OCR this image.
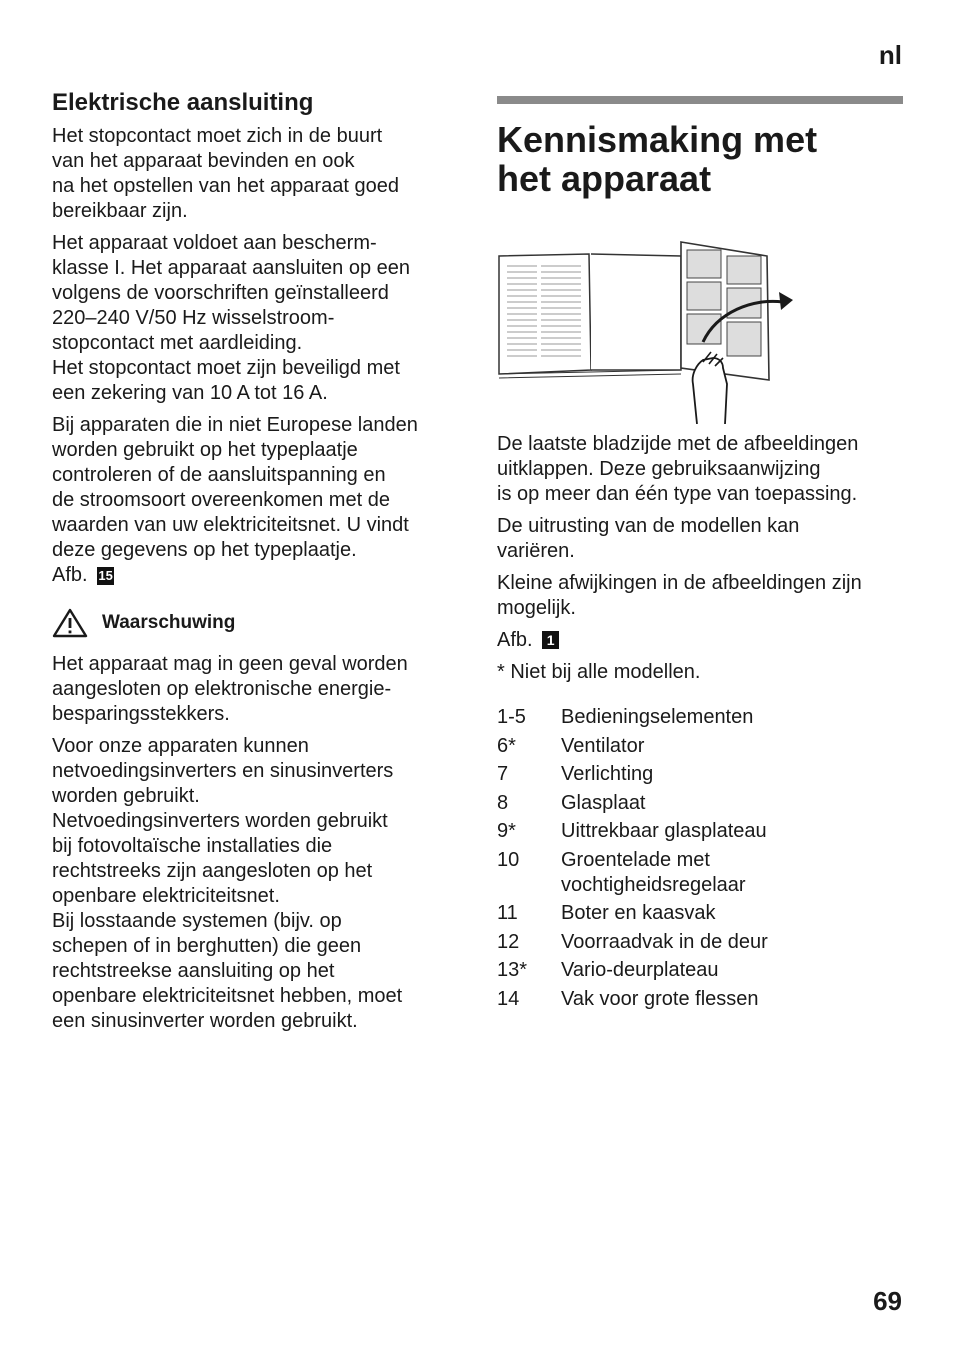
nl
Elektrische aansluiting

Het stopcontact moet zich in de buurt
van het apparaat bevinden en ook
na het opstellen van het apparaat goed
bereikbaar zijn.

Het apparaat voldoet aan bescherm-
klasse I. Het apparaat aansluiten op een
volgens de voorschriften geïnstalleerd
220–240 V/50 Hz wisselstroom-
stopcontact met aardleiding.
Het stopcontact moet zijn beveiligd met
een zekering van 10 A tot 16 A.

Bij apparaten die in niet Europese landen
worden gebruikt op het typeplaatje
controleren of de aansluitspanning en
de stroomsoort overeenkomen met de
waarden van uw elektriciteitsnet. U vindt
deze gegevens op het typeplaatje.

Afb. 15

Waarschuwing

Het apparaat mag in geen geval worden
aangesloten op elektronische energie-
besparingsstekkers.

Voor onze apparaten kunnen
netvoedingsinverters en sinusinverters
worden gebruikt.
Netvoedingsinverters worden gebruikt
bij fotovoltaïsche installaties die
rechtstreeks zijn aangesloten op het
openbare elektriciteitsnet.
Bij losstaande systemen (bijv. op
schepen of in berghutten) die geen
rechtstreekse aansluiting op het
openbare elektriciteitsnet hebben, moet
een sinusinverter worden gebruikt.

Kennismaking met
het apparaat

De laatste bladzijde met de afbeeldingen
uitklappen. Deze gebruiksaanwijzing
is op meer dan één type van toepassing.

De uitrusting van de modellen kan
variëren.

Kleine afwijkingen in de afbeeldingen zijn
mogelijk.

Afb. 1

* Niet bij alle modellen.

1-5	Bedieningselementen
6*	Ventilator
7	Verlichting
8	Glasplaat
9*	Uittrekbaar glasplateau
10	Groentelade met
vochtigheidsregelaar
11	Boter en kaasvak
12	Voorraadvak in de deur
13*	Vario-deurplateau
14	Vak voor grote flessen
69
